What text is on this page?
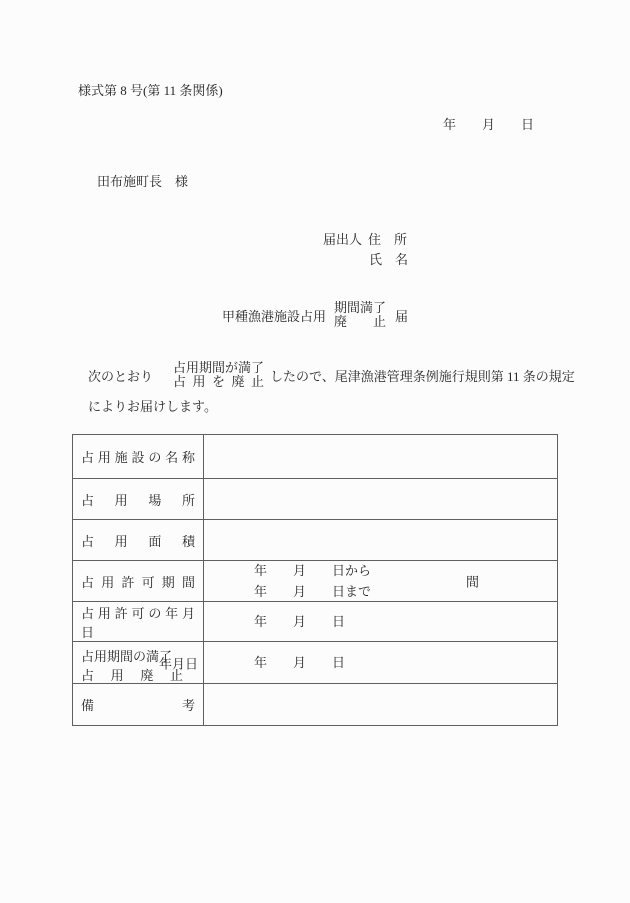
様式第 8 号(第 11 条関係)
年　　月　　日
田布施町長 様
届出人 住　所
氏　名
甲種漁港施設占用
期間満了
廃 止 届
次のとおり
占用期間が満了
占 用 を 廃 止 したので、尾津漁港管理条例施行規則第 11 条の規定
によりお届けします。
占 用 施 設 の 名 称
占 用 場 所
占 用 面 積
占 用 許 可 期 間
年　　月　　日から
年　　月　　日まで
間
占 用 許 可 の 年 月 日
年　　月　　日
占用期間の満了
年月日
占 用 廃 止
年　　月　　日
備 考
